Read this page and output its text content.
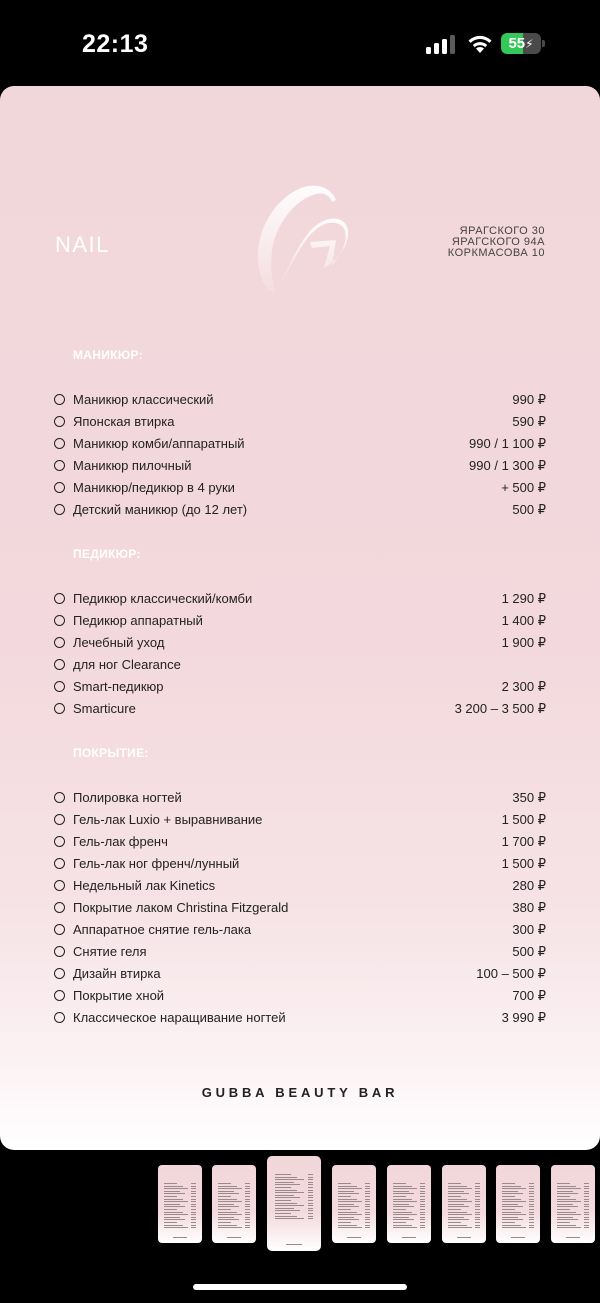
22:13	55⚡
NAIL
ЯРАГСКОГО 30
ЯРАГСКОГО 94А
КОРКМАСОВА 10
МАНИКЮР:
Маникюр классический	990 ₽
Японская втирка	590 ₽
Маникюр комби/аппаратный	990 / 1 100 ₽
Маникюр пилочный	990 / 1 300 ₽
Маникюр/педикюр в 4 руки	+ 500 ₽
Детский маникюр (до 12 лет)	500 ₽
ПЕДИКЮР:
Педикюр классический/комби	1 290 ₽
Педикюр аппаратный	1 400 ₽
Лечебный уход	1 900 ₽
для ног Clearance
Smart-педикюр	2 300 ₽
Smarticure	3 200 – 3 500 ₽
ПОКРЫТИЕ:
Полировка ногтей	350 ₽
Гель-лак Luxio + выравнивание	1 500 ₽
Гель-лак френч	1 700 ₽
Гель-лак ног френч/лунный	1 500 ₽
Недельный лак Kinetics	280 ₽
Покрытие лаком Christina Fitzgerald	380 ₽
Аппаратное снятие гель-лака	300 ₽
Снятие геля	500 ₽
Дизайн втирка	100 – 500 ₽
Покрытие хной	700 ₽
Классическое наращивание ногтей	3 990 ₽
GUBBA BEAUTY BAR
